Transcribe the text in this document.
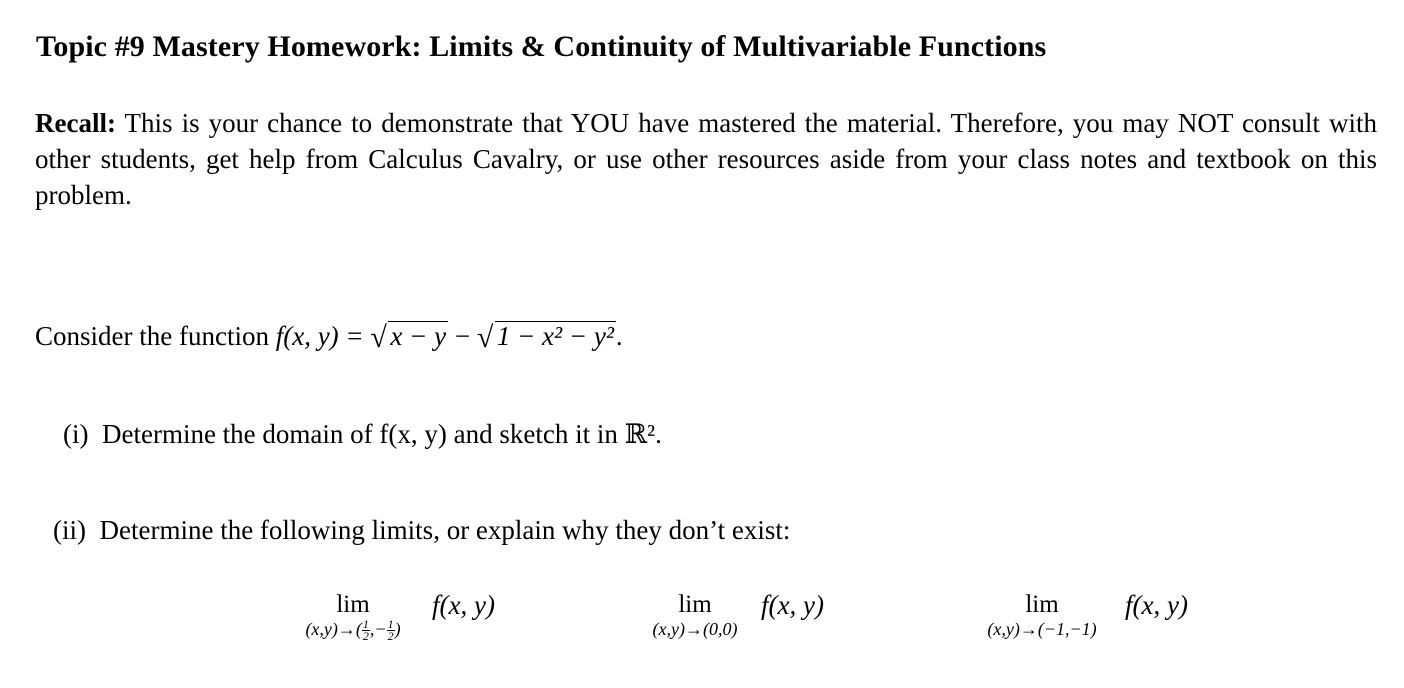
Topic #9 Mastery Homework: Limits & Continuity of Multivariable Functions
Recall: This is your chance to demonstrate that YOU have mastered the material. Therefore, you may NOT consult with other students, get help from Calculus Cavalry, or use other resources aside from your class notes and textbook on this problem.
Consider the function f(x, y) = √ x − y − √ 1 − x² − y².
(i) Determine the domain of f(x, y) and sketch it in ℝ².
(ii) Determine the following limits, or explain why they don’t exist:
lim
$(x,y)\to( \frac{1}{2}$ ,− $\frac{1}{2}$ )
f(x, y)	lim
(x,y)→(0,0)
f(x, y)	lim
(x,y)→(−1,−1)
f(x, y)
